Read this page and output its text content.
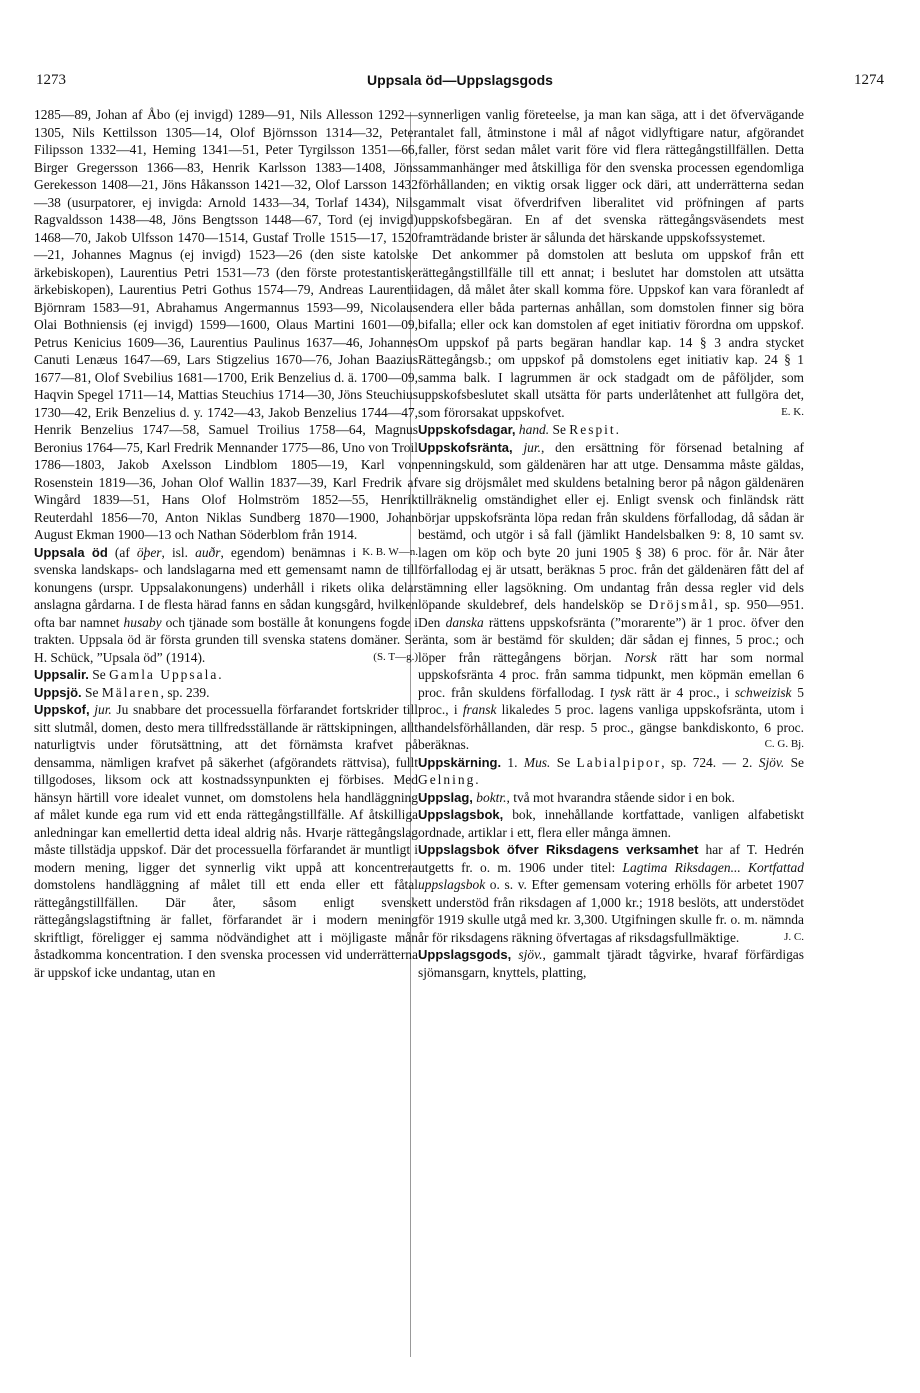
1273	Uppsala öd—Uppslagsgods	1274

1285—89, Johan af Åbo (ej invigd) 1289—91, Nils Allesson 1292—1305, Nils Kettilsson 1305—14, Olof Björnsson 1314—32, Peter Filipsson 1332—41, Heming 1341—51, Peter Tyrgilsson 1351—66, Birger Gregersson 1366—83, Henrik Karlsson 1383—1408, Jöns Gerekesson 1408—21, Jöns Håkansson 1421—32, Olof Larsson 1432—38 (usurpatorer, ej invigda: Arnold 1433—34, Torlaf 1434), Nils Ragvaldsson 1438—48, Jöns Bengtsson 1448—67, Tord (ej invigd) 1468—70, Jakob Ulfsson 1470—1514, Gustaf Trolle 1515—17, 1520—21, Johannes Magnus (ej invigd) 1523—26 (den siste katolske ärkebiskopen), Laurentius Petri 1531—73 (den förste protestantiske ärkebiskopen), Laurentius Petri Gothus 1574—79, Andreas Laurentii Björnram 1583—91, Abrahamus Angermannus 1593—99, Nicolaus Olai Bothniensis (ej invigd) 1599—1600, Olaus Martini 1601—09, Petrus Kenicius 1609—36, Laurentius Paulinus 1637—46, Johannes Canuti Lenæus 1647—69, Lars Stigzelius 1670—76, Johan Baazius 1677—81, Olof Svebilius 1681—1700, Erik Benzelius d. ä. 1700—09, Haqvin Spegel 1711—14, Mattias Steuchius 1714—30, Jöns Steuchius 1730—42, Erik Benzelius d. y. 1742—43, Jakob Benzelius 1744—47, Henrik Benzelius 1747—58, Samuel Troilius 1758—64, Magnus Beronius 1764—75, Karl Fredrik Mennander 1775—86, Uno von Troil 1786—1803, Jakob Axelsson Lindblom 1805—19, Karl von Rosenstein 1819—36, Johan Olof Wallin 1837—39, Karl Fredrik af Wingård 1839—51, Hans Olof Holmström 1852—55, Henrik Reuterdahl 1856—70, Anton Niklas Sundberg 1870—1900, Johan August Ekman 1900—13 och Nathan Söderblom från 1914.
K. B. W—n.

Uppsala öd (af öþer, isl. auðr, egendom) benämnas i svenska landskaps- och landslagarna med ett gemensamt namn de till konungens (urspr. Uppsalakonungens) underhåll i rikets olika delar anslagna gårdarna. I de flesta härad fanns en sådan kungsgård, hvilken ofta bar namnet husaby och tjänade som boställe åt konungens fogde i trakten. Uppsala öd är första grunden till svenska statens domäner. Se H. Schück, ”Upsala öd” (1914).	(S. T—g.)

Uppsalir. Se Gamla Uppsala.

Uppsjö. Se Mälaren, sp. 239.

Uppskof, jur. Ju snabbare det processuella förfarandet fortskrider till sitt slutmål, domen, desto mera tillfredsställande är rättskipningen, allt naturligtvis under förutsättning, att det förnämsta krafvet på densamma, nämligen krafvet på säkerhet (afgörandets rättvisa), fullt tillgodoses, liksom ock att kostnadssynpunkten ej förbises. Med hänsyn härtill vore idealet vunnet, om domstolens hela handläggning af målet kunde ega rum vid ett enda rättegångstillfälle. Af åtskilliga anledningar kan emellertid detta ideal aldrig nås. Hvarje rättegångslag måste tillstädja uppskof. Där det processuella förfarandet är muntligt i modern mening, ligger det synnerlig vikt uppå att koncentrera domstolens handläggning af målet till ett enda eller ett fåtal rättegångstillfällen. Där åter, såsom enligt svensk rättegångslagstiftning är fallet, förfarandet är i modern mening skriftligt, föreligger ej samma nödvändighet att i möjligaste mån åstadkomma koncentration. I den svenska processen vid underrätterna är uppskof icke undantag, utan en

synnerligen vanlig företeelse, ja man kan säga, att i det öfvervägande antalet fall, åtminstone i mål af något vidlyftigare natur, afgörandet faller, först sedan målet varit före vid flera rättegångstillfällen. Detta sammanhänger med åtskilliga för den svenska processen egendomliga förhållanden; en viktig orsak ligger ock däri, att underrätterna sedan gammalt visat öfverdrifven liberalitet vid pröfningen af parts uppskofsbegäran. En af det svenska rättegångsväsendets mest framträdande brister är sålunda det härskande uppskofssystemet.

Det ankommer på domstolen att besluta om uppskof från ett rättegångstillfälle till ett annat; i beslutet har domstolen att utsätta dagen, då målet åter skall komma före. Uppskof kan vara föranledt af endera eller båda parternas anhållan, som domstolen finner sig böra bifalla; eller ock kan domstolen af eget initiativ förordna om uppskof. Om uppskof på parts begäran handlar kap. 14 § 3 andra stycket Rättegångsb.; om uppskof på domstolens eget initiativ kap. 24 § 1 samma balk. I lagrummen är ock stadgadt om de påföljder, som uppskofsbeslutet skall utsätta för parts underlåtenhet att fullgöra det, som förorsakat uppskofvet.	E. K.

Uppskofsdagar, hand. Se Respit.

Uppskofsränta, jur., den ersättning för försenad betalning af penningskuld, som gäldenären har att utge. Densamma måste gäldas, vare sig dröjsmålet med skuldens betalning beror på någon gäldenären tillräknelig omständighet eller ej. Enligt svensk och finländsk rätt börjar uppskofsränta löpa redan från skuldens förfallodag, då sådan är bestämd, och utgör i så fall (jämlikt Handelsbalken 9: 8, 10 samt sv. lagen om köp och byte 20 juni 1905 § 38) 6 proc. för år. När åter förfallodag ej är utsatt, beräknas 5 proc. från det gäldenären fått del af stämning eller lagsökning. Om undantag från dessa regler vid dels löpande skuldebref, dels handelsköp se Dröjsmål, sp. 950—951. Den danska rättens uppskofsränta (”morarente”) är 1 proc. öfver den ränta, som är bestämd för skulden; där sådan ej finnes, 5 proc.; och löper från rättegångens början. Norsk rätt har som normal uppskofsränta 4 proc. från samma tidpunkt, men köpmän emellan 6 proc. från skuldens förfallodag. I tysk rätt är 4 proc., i schweizisk 5 proc., i fransk likaledes 5 proc. lagens vanliga uppskofsränta, utom i handelsförhållanden, där resp. 5 proc., gängse bankdiskonto, 6 proc. beräknas.	C. G. Bj.

Uppskärning. 1. Mus. Se Labialpipor, sp. 724. — 2. Sjöv. Se Gelning.

Uppslag, boktr., två mot hvarandra stående sidor i en bok.

Uppslagsbok, bok, innehållande kortfattade, vanligen alfabetiskt ordnade, artiklar i ett, flera eller många ämnen.

Uppslagsbok öfver Riksdagens verksamhet har af T. Hedrén utgetts fr. o. m. 1906 under titel: Lagtima Riksdagen... Kortfattad uppslagsbok o. s. v. Efter gemensam votering erhölls för arbetet 1907 ett understöd från riksdagen af 1,000 kr.; 1918 beslöts, att understödet för 1919 skulle utgå med kr. 3,300. Utgifningen skulle fr. o. m. nämnda år för riksdagens räkning öfvertagas af riksdagsfullmäktige.	J. C.

Uppslagsgods, sjöv., gammalt tjäradt tågvirke, hvaraf förfärdigas sjömansgarn, knyttels, platting,
